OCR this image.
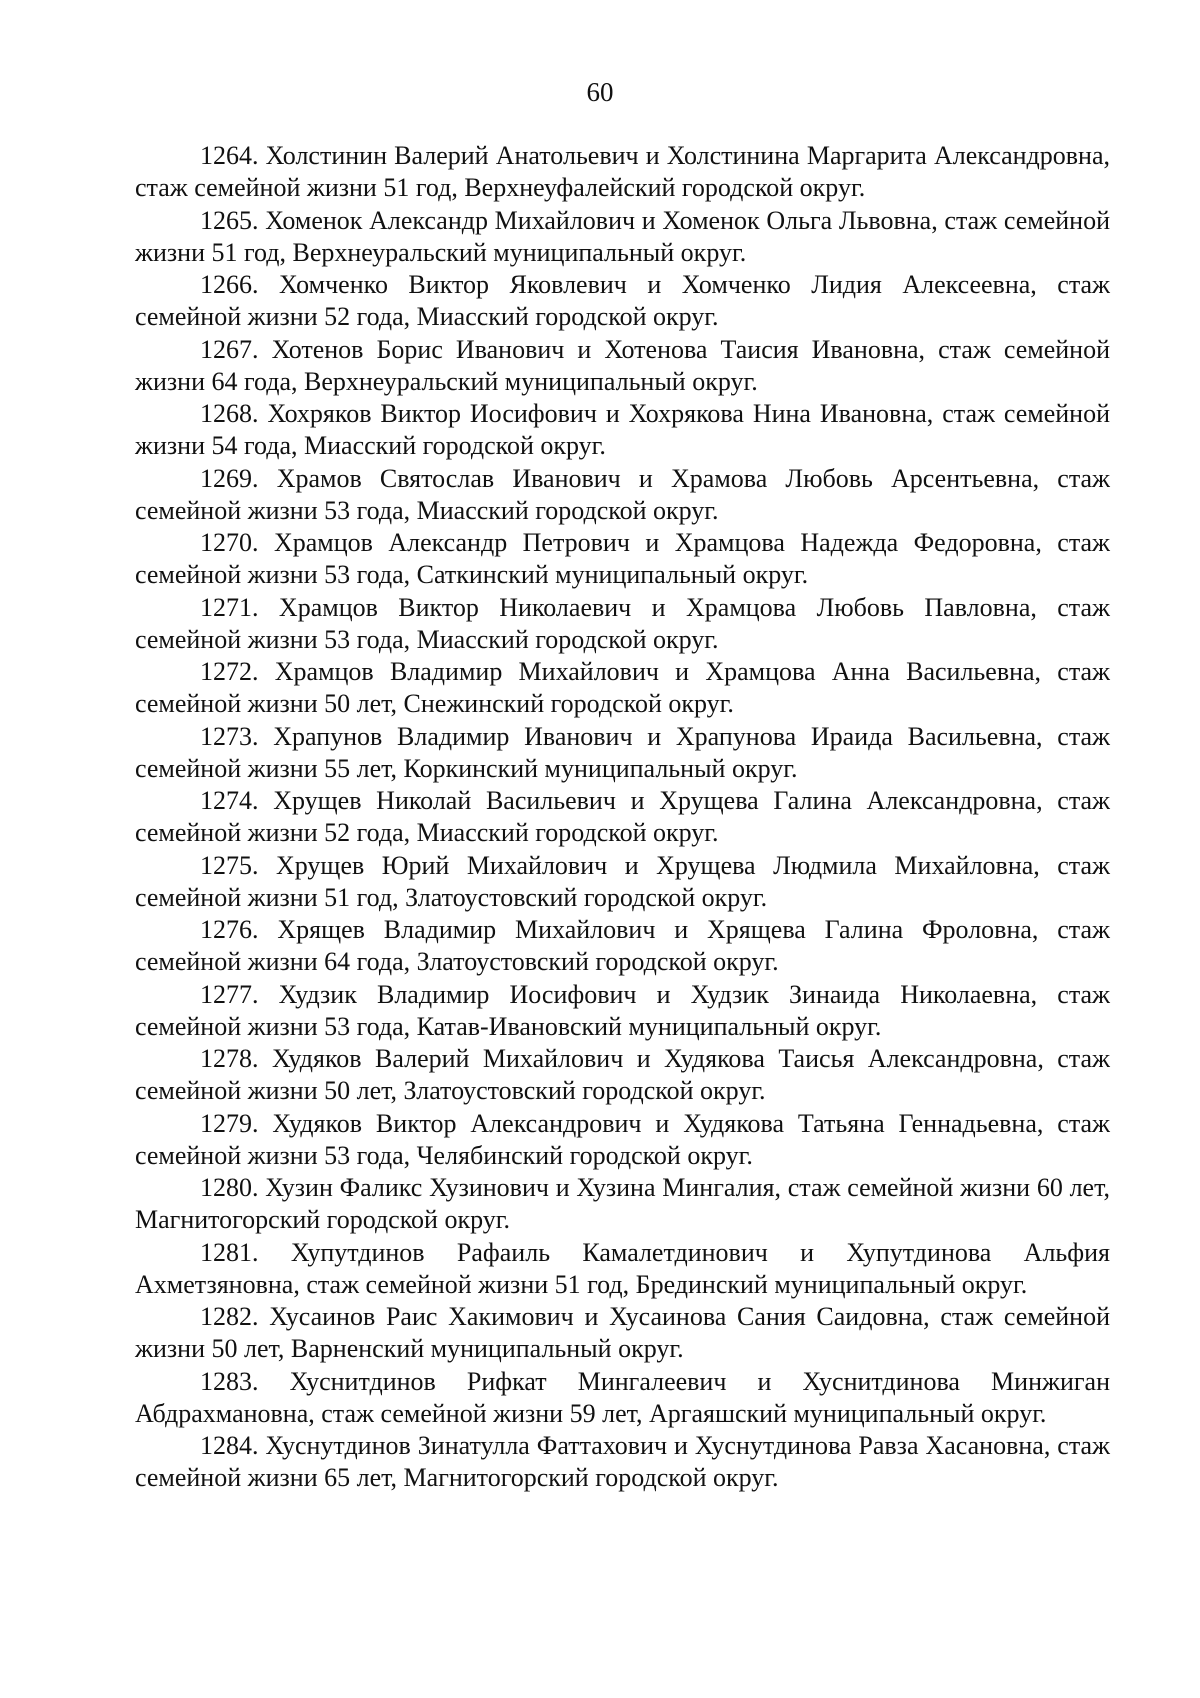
60

1264. Холстинин Валерий Анатольевич и Холстинина Маргарита Александровна, стаж семейной жизни 51 год, Верхнеуфалейский городской округ.

1265. Хоменок Александр Михайлович и Хоменок Ольга Львовна, стаж семейной жизни 51 год, Верхнеуральский муниципальный округ.

1266. Хомченко Виктор Яковлевич и Хомченко Лидия Алексеевна, стаж семейной жизни 52 года, Миасский городской округ.

1267. Хотенов Борис Иванович и Хотенова Таисия Ивановна, стаж семейной жизни 64 года, Верхнеуральский муниципальный округ.

1268. Хохряков Виктор Иосифович и Хохрякова Нина Ивановна, стаж семейной жизни 54 года, Миасский городской округ.

1269. Храмов Святослав Иванович и Храмова Любовь Арсентьевна, стаж семейной жизни 53 года, Миасский городской округ.

1270. Храмцов Александр Петрович и Храмцова Надежда Федоровна, стаж семейной жизни 53 года, Саткинский муниципальный округ.

1271. Храмцов Виктор Николаевич и Храмцова Любовь Павловна, стаж семейной жизни 53 года, Миасский городской округ.

1272. Храмцов Владимир Михайлович и Храмцова Анна Васильевна, стаж семейной жизни 50 лет, Снежинский городской округ.

1273. Храпунов Владимир Иванович и Храпунова Ираида Васильевна, стаж семейной жизни 55 лет, Коркинский муниципальный округ.

1274. Хрущев Николай Васильевич и Хрущева Галина Александровна, стаж семейной жизни 52 года, Миасский городской округ.

1275. Хрущев Юрий Михайлович и Хрущева Людмила Михайловна, стаж семейной жизни 51 год, Златоустовский городской округ.

1276. Хрящев Владимир Михайлович и Хрящева Галина Фроловна, стаж семейной жизни 64 года, Златоустовский городской округ.

1277. Худзик Владимир Иосифович и Худзик Зинаида Николаевна, стаж семейной жизни 53 года, Катав-Ивановский муниципальный округ.

1278. Худяков Валерий Михайлович и Худякова Таисья Александровна, стаж семейной жизни 50 лет, Златоустовский городской округ.

1279. Худяков Виктор Александрович и Худякова Татьяна Геннадьевна, стаж семейной жизни 53 года, Челябинский городской округ.

1280. Хузин Фаликс Хузинович и Хузина Мингалия, стаж семейной жизни 60 лет, Магнитогорский городской округ.

1281. Хупутдинов Рафаиль Камалетдинович и Хупутдинова Альфия Ахметзяновна, стаж семейной жизни 51 год, Брединский муниципальный округ.

1282. Хусаинов Раис Хакимович и Хусаинова Сания Саидовна, стаж семейной жизни 50 лет, Варненский муниципальный округ.

1283. Хуснитдинов Рифкат Мингалеевич и Хуснитдинова Минжиган Абдрахмановна, стаж семейной жизни 59 лет, Аргаяшский муниципальный округ.

1284. Хуснутдинов Зинатулла Фаттахович и Хуснутдинова Равза Хасановна, стаж семейной жизни 65 лет, Магнитогорский городской округ.
